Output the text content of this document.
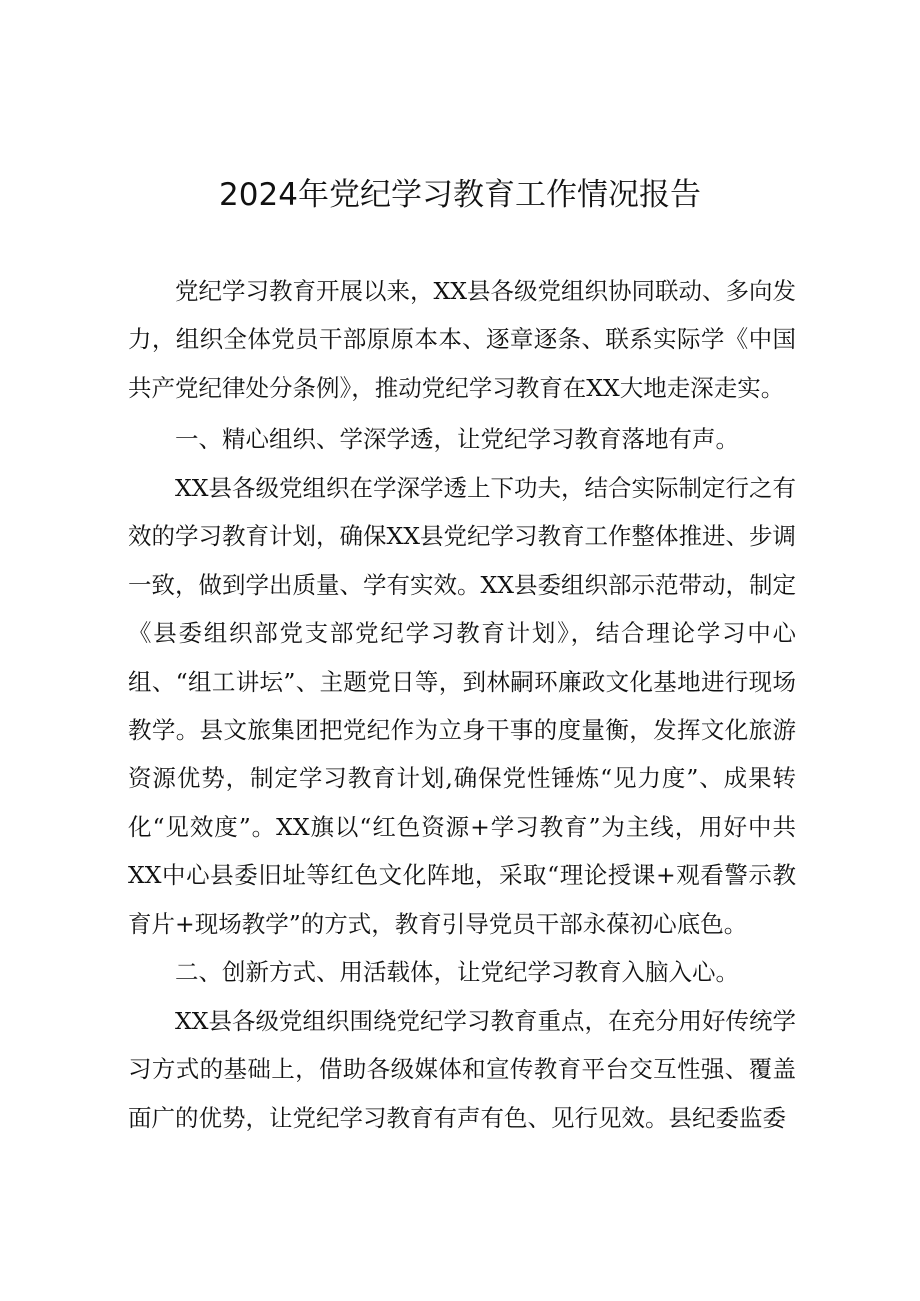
2024年党纪学习教育工作情况报告

党纪学习教育开展以来，XX县各级党组织协同联动、多向发力，组织全体党员干部原原本本、逐章逐条、联系实际学《中国共产党纪律处分条例》，推动党纪学习教育在XX大地走深走实。

一、精心组织、学深学透，让党纪学习教育落地有声。

XX县各级党组织在学深学透上下功夫，结合实际制定行之有效的学习教育计划，确保XX县党纪学习教育工作整体推进、步调一致，做到学出质量、学有实效。XX县委组织部示范带动，制定《县委组织部党支部党纪学习教育计划》，结合理论学习中心组、“组工讲坛”、主题党日等，到林嗣环廉政文化基地进行现场教学。县文旅集团把党纪作为立身干事的度量衡，发挥文化旅游资源优势，制定学习教育计划,确保党性锤炼“见力度”、成果转化“见效度”。XX旗以“红色资源+学习教育”为主线，用好中共XX中心县委旧址等红色文化阵地，采取“理论授课+观看警示教育片+现场教学”的方式，教育引导党员干部永葆初心底色。

二、创新方式、用活载体，让党纪学习教育入脑入心。

XX县各级党组织围绕党纪学习教育重点，在充分用好传统学习方式的基础上，借助各级媒体和宣传教育平台交互性强、覆盖面广的优势，让党纪学习教育有声有色、见行见效。县纪委监委
